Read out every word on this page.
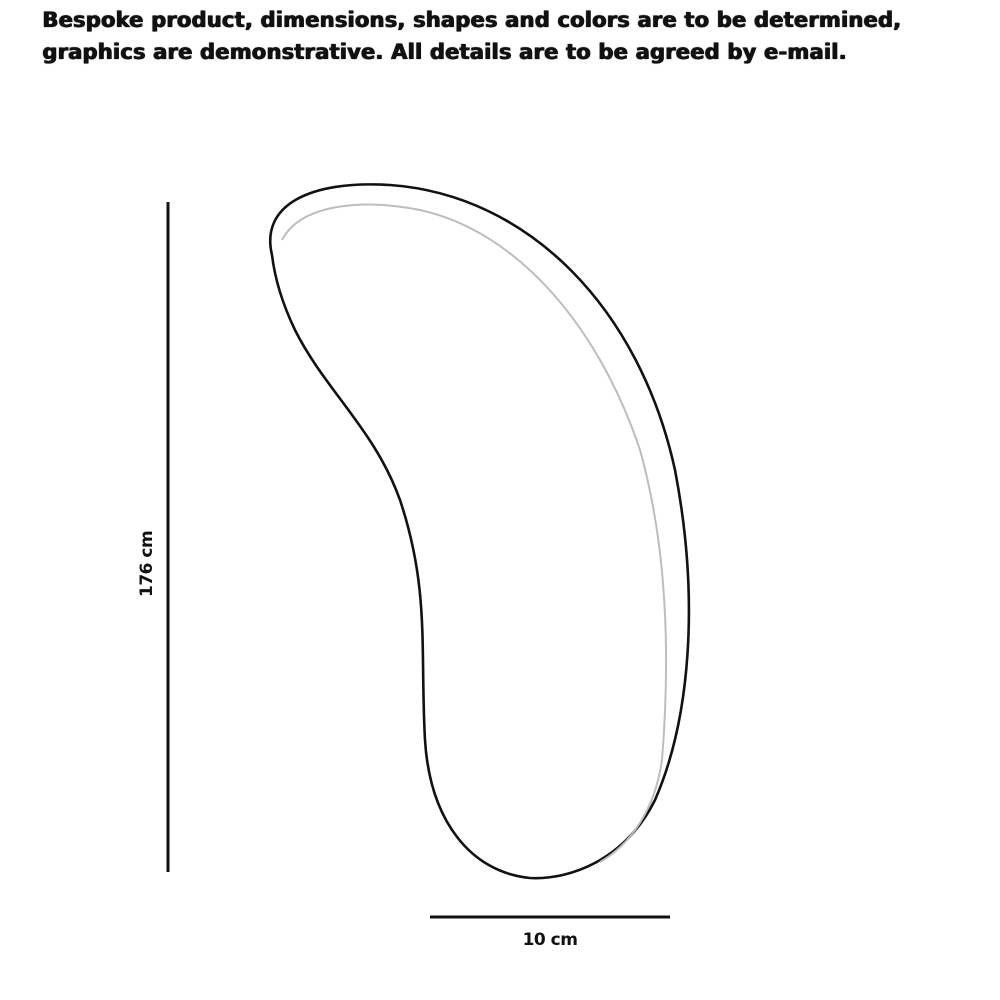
Bespoke product, dimensions, shapes and colors are to be determined, graphics are demonstrative. All details are to be agreed by e-mail.

176 cm
10 cm
